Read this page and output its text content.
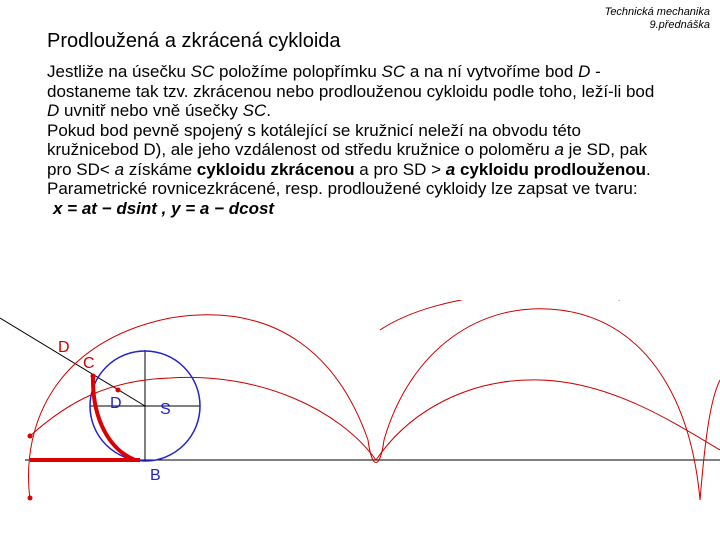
Technická mechanika
9.přednáška
Prodloužená a zkrácená cykloida

Jestliže na úsečku SC položíme polopřímku SC a na ní vytvoříme bod D - dostaneme tak tzv. zkrácenou nebo prodlouženou cykloidu podle toho, leží-li bod D uvnitř nebo vně úsečky SC.

Pokud bod pevně spojený s kotálející se kružnicí neleží na obvodu této kružnicebod D), ale jeho vzdálenost od středu kružnice o poloměru a je SD, pak pro SD< a získáme cykloidu zkrácenou a pro SD > a cykloidu prodlouženou.

Parametrické rovnicezkrácené, resp. prodloužené cykloidy lze zapsat ve tvaru:

x = at − dsint , y = a − dcost

D
C
D S
B
